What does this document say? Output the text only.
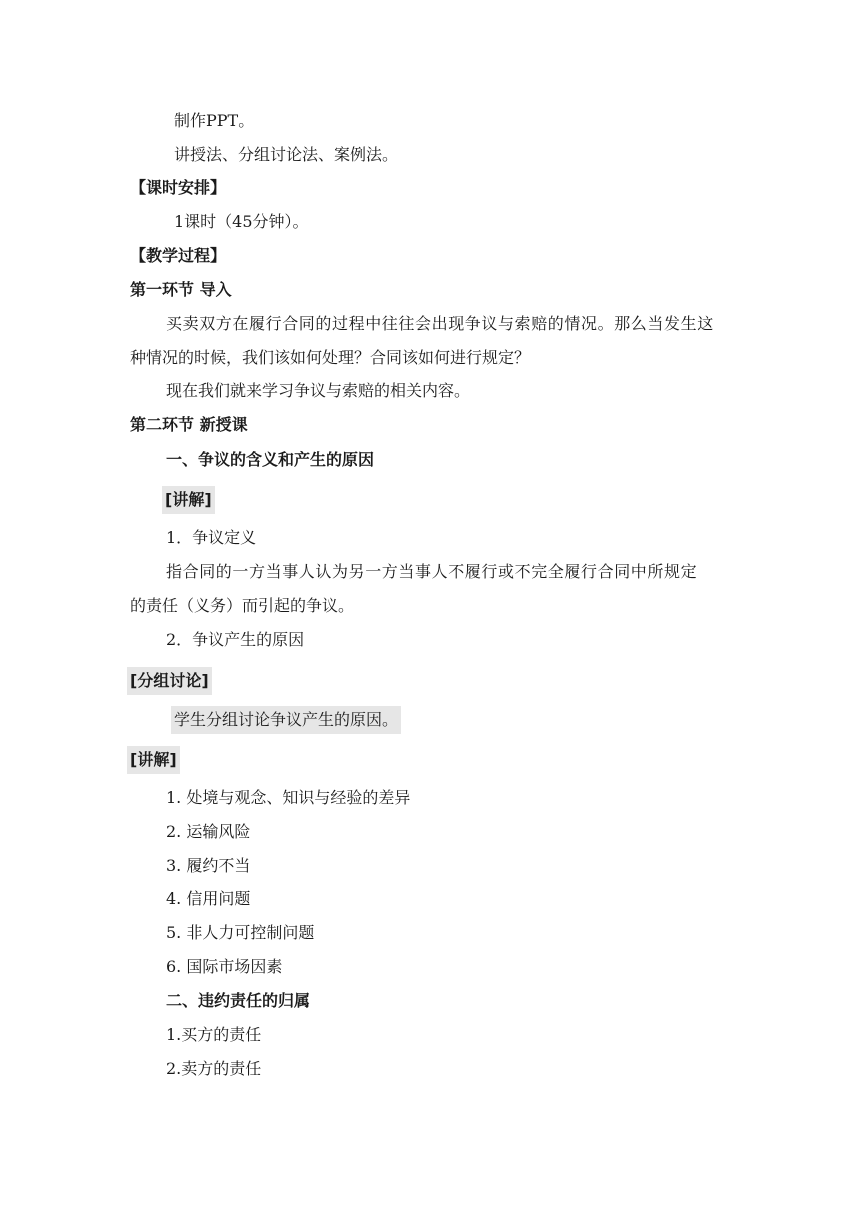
制作PPT。
讲授法、分组讨论法、案例法。
【课时安排】
1课时（45分钟）。
【教学过程】
第一环节 导入
买卖双方在履行合同的过程中往往会出现争议与索赔的情况。那么当发生这
种情况的时候，我们该如何处理？合同该如何进行规定？
现在我们就来学习争议与索赔的相关内容。
第二环节 新授课
一、争议的含义和产生的原因
[讲解]
1．争议定义
指合同的一方当事人认为另一方当事人不履行或不完全履行合同中所规定
的责任（义务）而引起的争议。
2．争议产生的原因
[分组讨论]
学生分组讨论争议产生的原因。
[讲解]
1. 处境与观念、知识与经验的差异
2. 运输风险
3. 履约不当
4. 信用问题
5. 非人力可控制问题
6. 国际市场因素
二、违约责任的归属
1.买方的责任
2.卖方的责任
